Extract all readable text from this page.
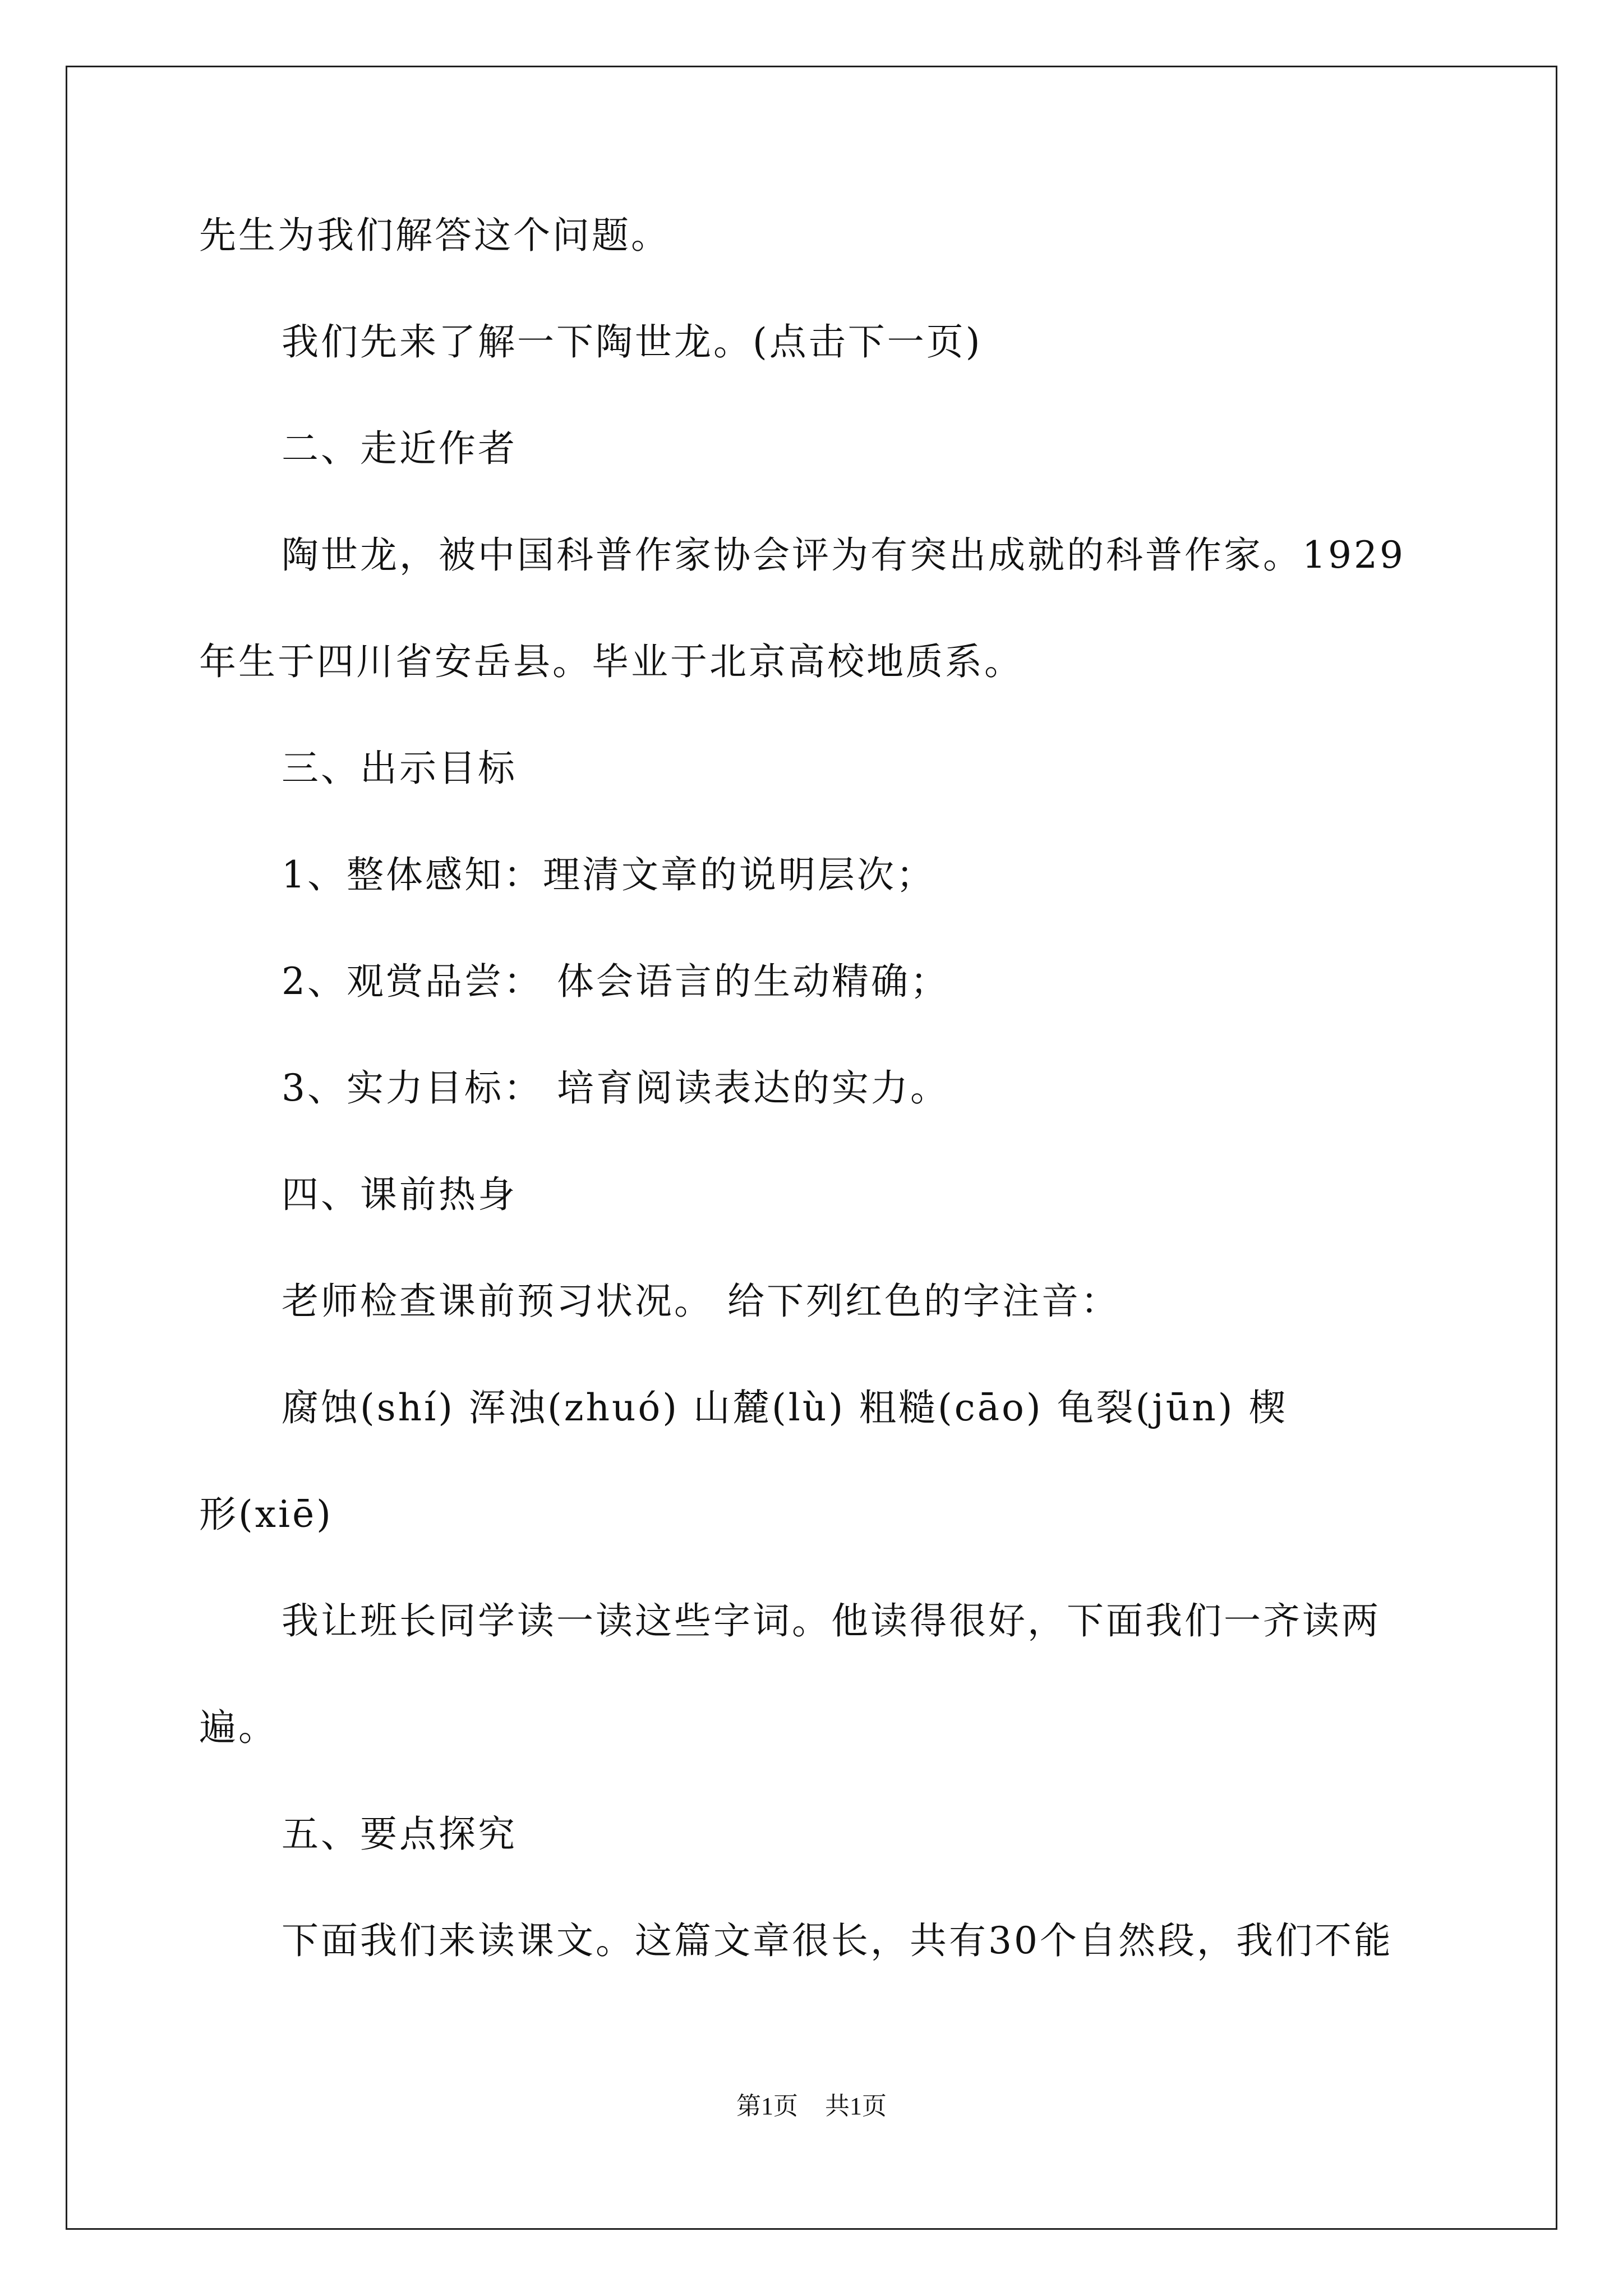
先生为我们解答这个问题。
我们先来了解一下陶世龙。(点击下一页)
二、走近作者
陶世龙，被中国科普作家协会评为有突出成就的科普作家。1929
年生于四川省安岳县。毕业于北京高校地质系。
三、出示目标
1、整体感知：理清文章的说明层次；
2、观赏品尝： 体会语言的生动精确；
3、实力目标： 培育阅读表达的实力。
四、课前热身
老师检查课前预习状况。 给下列红色的字注音：
腐蚀(shí) 浑浊(zhuó) 山麓(lù) 粗糙(cāo) 龟裂(jūn) 楔
形(xiē)
我让班长同学读一读这些字词。他读得很好，下面我们一齐读两
遍。
五、要点探究
下面我们来读课文。这篇文章很长，共有30个自然段，我们不能
第1页 共1页
